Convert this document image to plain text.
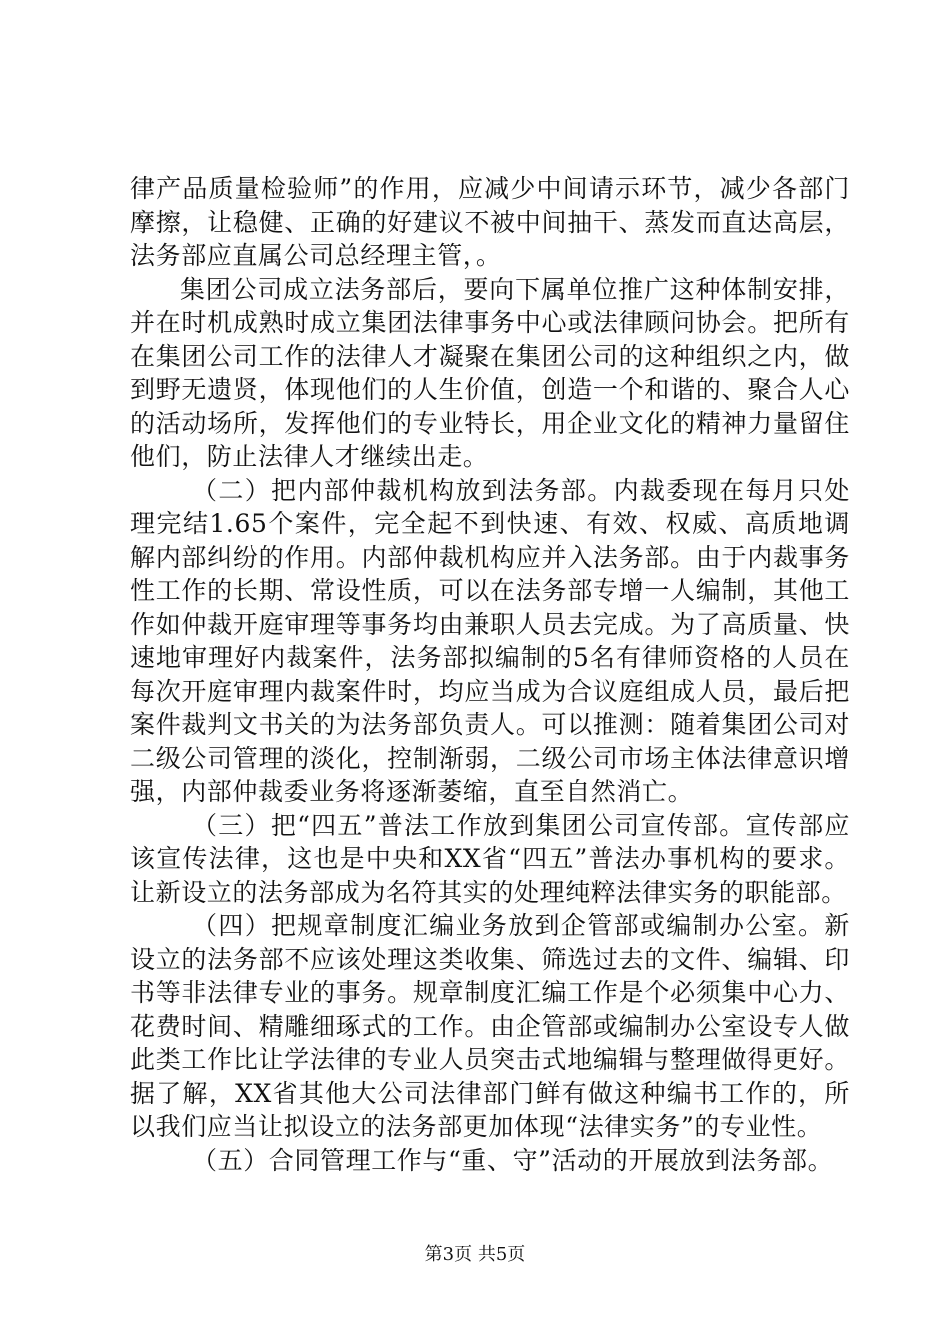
律产品质量检验师”的作用，应减少中间请示环节，减少各部门摩擦，让稳健、正确的好建议不被中间抽干、蒸发而直达高层，法务部应直属公司总经理主管，。

集团公司成立法务部后，要向下属单位推广这种体制安排，并在时机成熟时成立集团法律事务中心或法律顾问协会。把所有在集团公司工作的法律人才凝聚在集团公司的这种组织之内，做到野无遗贤，体现他们的人生价值，创造一个和谐的、聚合人心的活动场所，发挥他们的专业特长，用企业文化的精神力量留住他们，防止法律人才继续出走。

（二）把内部仲裁机构放到法务部。内裁委现在每月只处理完结1.65个案件，完全起不到快速、有效、权威、高质地调解内部纠纷的作用。内部仲裁机构应并入法务部。由于内裁事务性工作的长期、常设性质，可以在法务部专增一人编制，其他工作如仲裁开庭审理等事务均由兼职人员去完成。为了高质量、快速地审理好内裁案件，法务部拟编制的5名有律师资格的人员在每次开庭审理内裁案件时，均应当成为合议庭组成人员，最后把案件裁判文书关的为法务部负责人。可以推测：随着集团公司对二级公司管理的淡化，控制渐弱，二级公司市场主体法律意识增强，内部仲裁委业务将逐渐萎缩，直至自然消亡。

（三）把“四五”普法工作放到集团公司宣传部。宣传部应该宣传法律，这也是中央和XX省“四五”普法办事机构的要求。让新设立的法务部成为名符其实的处理纯粹法律实务的职能部。

（四）把规章制度汇编业务放到企管部或编制办公室。新设立的法务部不应该处理这类收集、筛选过去的文件、编辑、印书等非法律专业的事务。规章制度汇编工作是个必须集中心力、花费时间、精雕细琢式的工作。由企管部或编制办公室设专人做此类工作比让学法律的专业人员突击式地编辑与整理做得更好。据了解，XX省其他大公司法律部门鲜有做这种编书工作的，所以我们应当让拟设立的法务部更加体现“法律实务”的专业性。

（五）合同管理工作与“重、守”活动的开展放到法务部。

第3页 共5页
